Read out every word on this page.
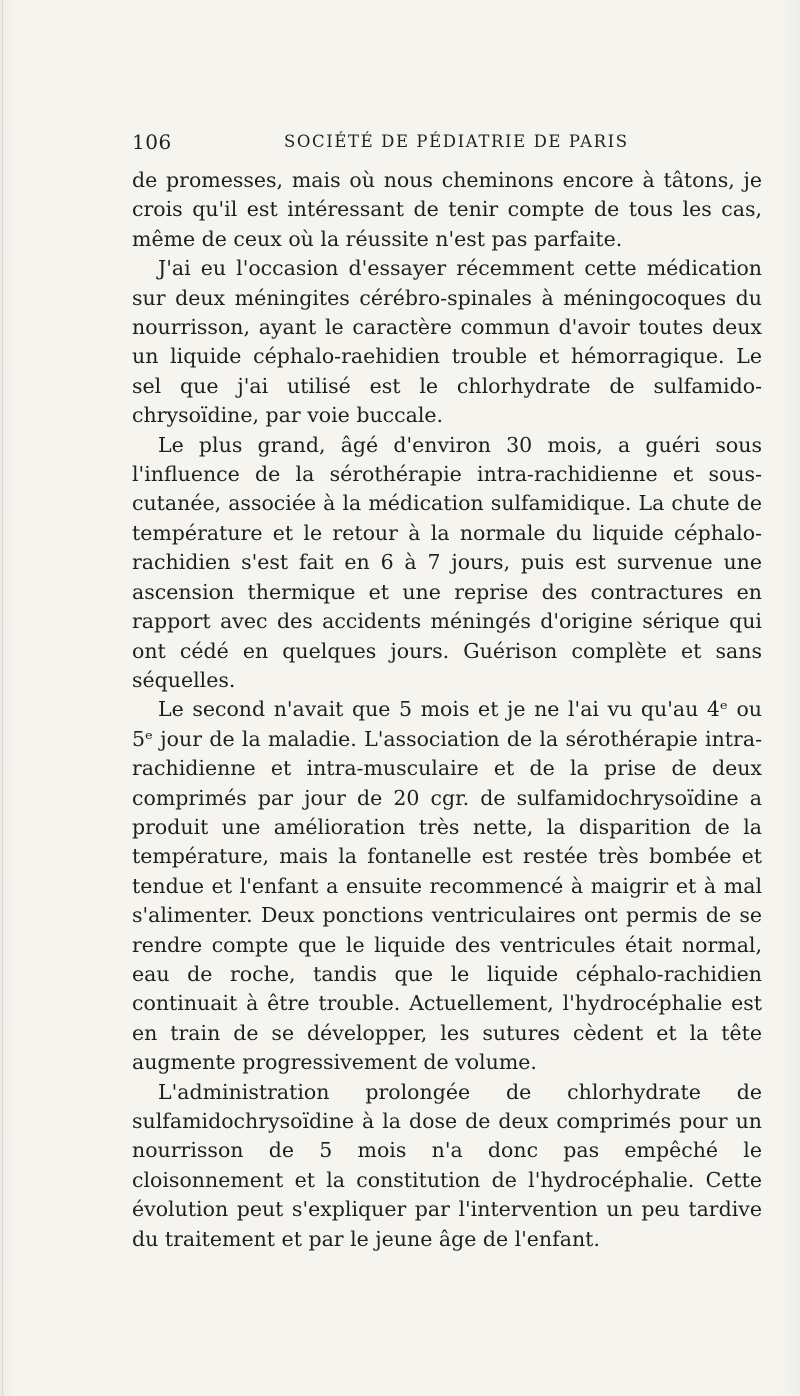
106	SOCIÉTÉ DE PÉDIATRIE DE PARIS

de promesses, mais où nous cheminons encore à tâtons, je crois qu'il est intéressant de tenir compte de tous les cas, même de ceux où la réussite n'est pas parfaite.

J'ai eu l'occasion d'essayer récemment cette médication sur deux méningites cérébro-spinales à méningocoques du nourrisson, ayant le caractère commun d'avoir toutes deux un liquide céphalo-raehidien trouble et hémorragique. Le sel que j'ai utilisé est le chlorhydrate de sulfamido-chrysoïdine, par voie buccale.

Le plus grand, âgé d'environ 30 mois, a guéri sous l'influence de la sérothérapie intra-rachidienne et sous-cutanée, associée à la médication sulfamidique. La chute de température et le retour à la normale du liquide céphalo-rachidien s'est fait en 6 à 7 jours, puis est survenue une ascension thermique et une reprise des contractures en rapport avec des accidents méningés d'origine sérique qui ont cédé en quelques jours. Guérison complète et sans séquelles.

Le second n'avait que 5 mois et je ne l'ai vu qu'au 4ᵉ ou 5ᵉ jour de la maladie. L'association de la sérothérapie intra-rachidienne et intra-musculaire et de la prise de deux comprimés par jour de 20 cgr. de sulfamidochrysoïdine a produit une amélioration très nette, la disparition de la température, mais la fontanelle est restée très bombée et tendue et l'enfant a ensuite recommencé à maigrir et à mal s'alimenter. Deux ponctions ventriculaires ont permis de se rendre compte que le liquide des ventricules était normal, eau de roche, tandis que le liquide céphalo-rachidien continuait à être trouble. Actuellement, l'hydrocéphalie est en train de se développer, les sutures cèdent et la tête augmente progressivement de volume.

L'administration prolongée de chlorhydrate de sulfamidochrysoïdine à la dose de deux comprimés pour un nourrisson de 5 mois n'a donc pas empêché le cloisonnement et la constitution de l'hydrocéphalie. Cette évolution peut s'expliquer par l'intervention un peu tardive du traitement et par le jeune âge de l'enfant.
